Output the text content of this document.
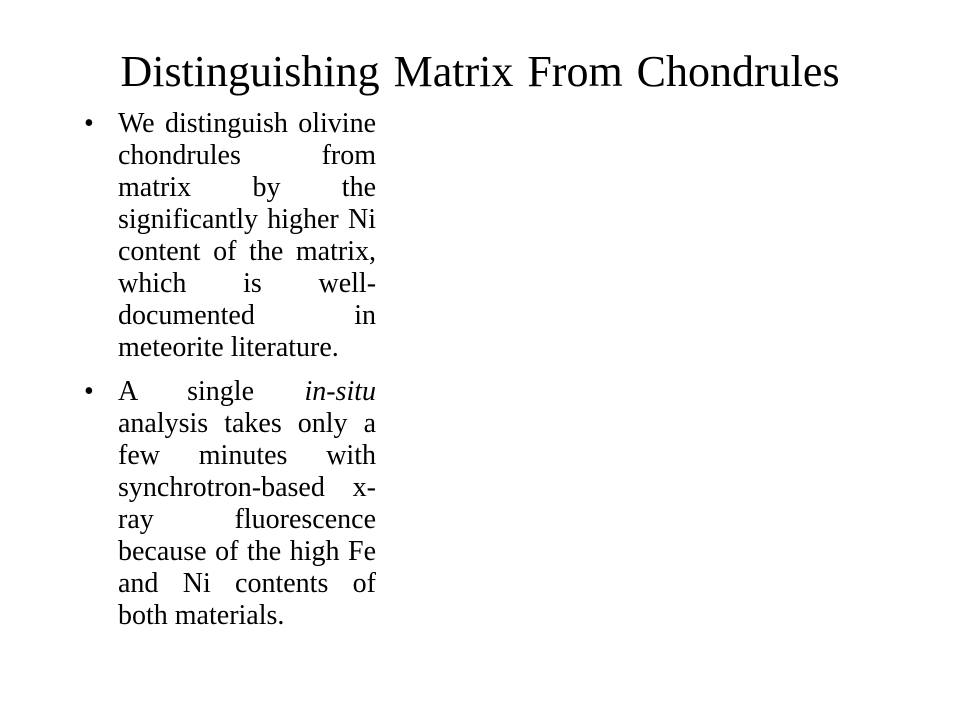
Distinguishing Matrix From Chondrules
• We distinguish olivine chondrules	from matrix by the significantly higher Ni content of the matrix, which is well-documented in meteorite literature.
• A single in-situ analysis takes only a few minutes with synchrotron-based x-ray fluorescence because of the high Fe and Ni contents of both materials.
